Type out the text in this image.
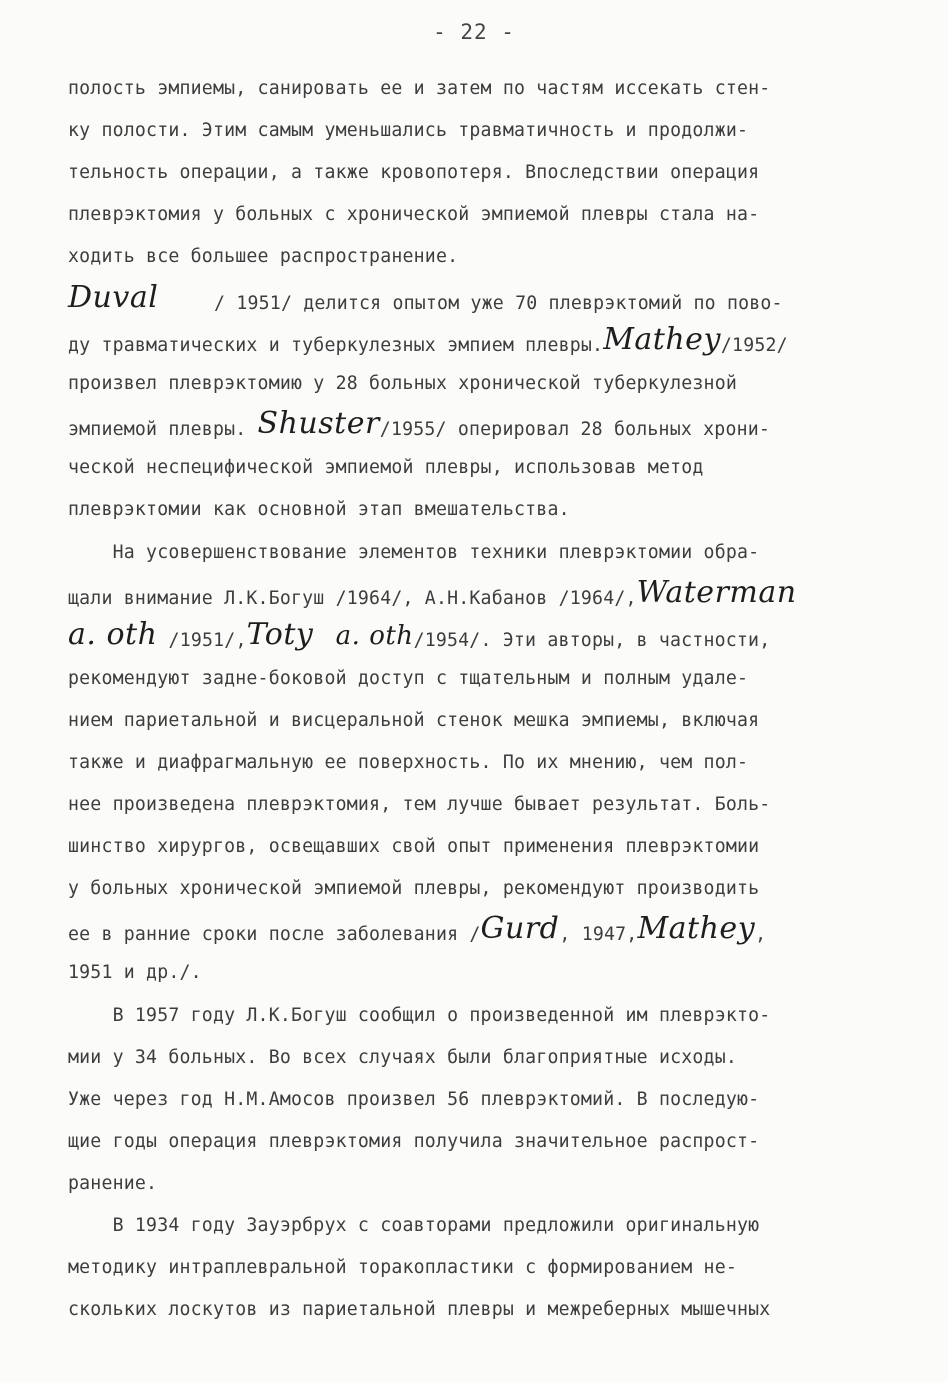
- 22 -
полость эмпиемы, санировать ее и затем по частям иссекать стен-
ку полости. Этим самым уменьшались травматичность и продолжи-
тельность операции, а также кровопотеря. Впоследствии операция
плеврэктомия у больных с хронической эмпиемой плевры стала на-
ходить все большее распространение.
Duval     / 1951/ делится опытом уже 70 плеврэктомий по пово-
ду травматических и туберкулезных эмпием плевры.Mathey/1952/
произвел плеврэктомию у 28 больных хронической туберкулезной
эмпиемой плевры. Shuster/1955/ оперировал 28 больных хрони-
ческой неспецифической эмпиемой плевры, использовав метод
плеврэктомии как основной этап вмешательства.
На усовершенствование элементов техники плеврэктомии обра-
щали внимание Л.К.Богуш /1964/, А.Н.Кабанов /1964/,Waterman
a. oth /1951/,Toty a. oth/1954/. Эти авторы, в частности,
рекомендуют задне-боковой доступ с тщательным и полным удале-
нием париетальной и висцеральной стенок мешка эмпиемы, включая
также и диафрагмальную ее поверхность. По их мнению, чем пол-
нее произведена плеврэктомия, тем лучше бывает результат. Боль-
шинство хирургов, освещавших свой опыт применения плеврэктомии
у больных хронической эмпиемой плевры, рекомендуют производить
ее в ранние сроки после заболевания /Gurd, 1947,Mathey,
1951 и др./.
В 1957 году Л.К.Богуш сообщил о произведенной им плеврэкто-
мии у 34 больных. Во всех случаях были благоприятные исходы.
Уже через год Н.М.Амосов произвел 56 плеврэктомий. В последую-
щие годы операция плеврэктомия получила значительное распрост-
ранение.
В 1934 году Зауэрбрух с соавторами предложили оригинальную
методику интраплевральной торакопластики с формированием не-
скольких лоскутов из париетальной плевры и межреберных мышечных
